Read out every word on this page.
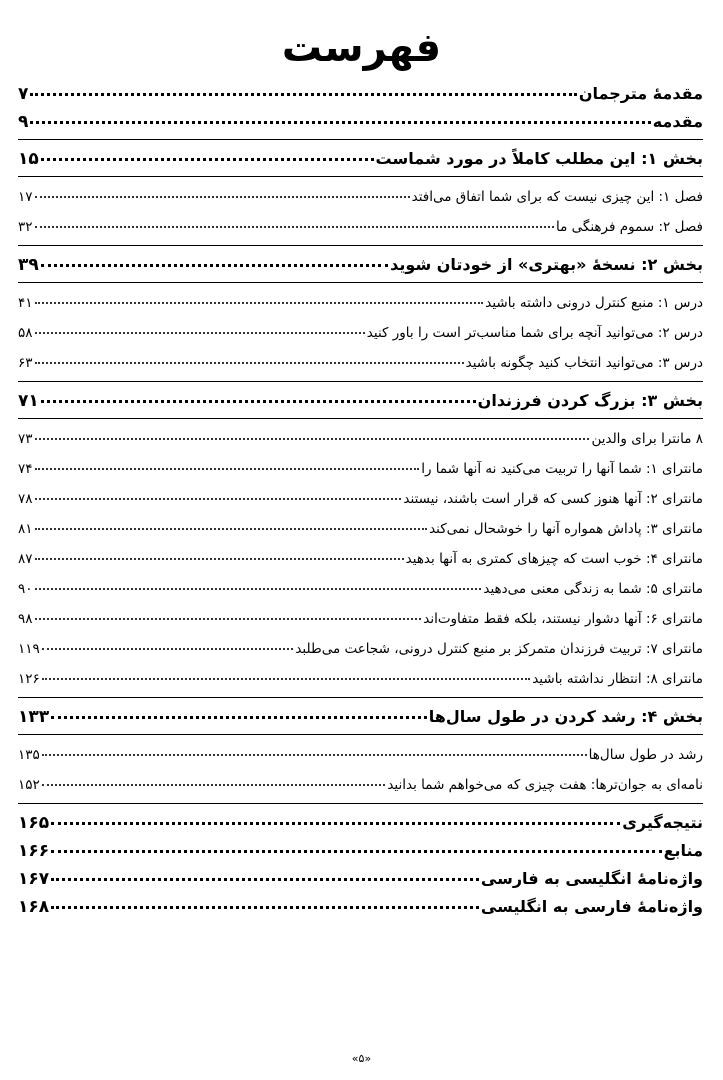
فهرست
مقدمۀ مترجمان
۷
مقدمه
۹
بخش ۱: این مطلب کاملاً در مورد شماست
۱۵
فصل ۱: این چیزی نیست که برای شما اتفاق می‌افتد
۱۷
فصل ۲: سموم فرهنگی ما
۳۲
بخش ۲: نسخۀ «بهتری» از خودتان شوید
۳۹
درس ۱: منبع کنترل درونی داشته باشید
۴۱
درس ۲: می‌توانید آنچه برای شما مناسب‌تر است را باور کنید
۵۸
درس ۳: می‌توانید انتخاب کنید چگونه باشید
۶۳
بخش ۳: بزرگ کردن فرزندان
۷۱
۸ مانترا برای والدین
۷۳
مانترای ۱: شما آنها را تربیت می‌کنید نه آنها شما را
۷۴
مانترای ۲: آنها هنوز کسی که قرار است باشند، نیستند
۷۸
مانترای ۳: پاداش همواره آنها را خوشحال نمی‌کند
۸۱
مانترای ۴: خوب است که چیزهای کمتری به آنها بدهید
۸۷
مانترای ۵: شما به زندگی معنی می‌دهید
۹۰
مانترای ۶: آنها دشوار نیستند، بلکه فقط متفاوت‌اند
۹۸
مانترای ۷: تربیت فرزندان متمرکز بر منبع کنترل درونی، شجاعت می‌طلبد
۱۱۹
مانترای ۸: انتظار نداشته باشید
۱۲۶
بخش ۴: رشد کردن در طول سال‌ها
۱۳۳
رشد در طول سال‌ها
۱۳۵
نامه‌ای به جوان‌ترها: هفت چیزی که می‌خواهم شما بدانید
۱۵۲
نتیجه‌گیری
۱۶۵
منابع
۱۶۶
واژه‌نامۀ انگلیسی به فارسی
۱۶۷
واژه‌نامۀ فارسی به انگلیسی
۱۶۸
«۵»
